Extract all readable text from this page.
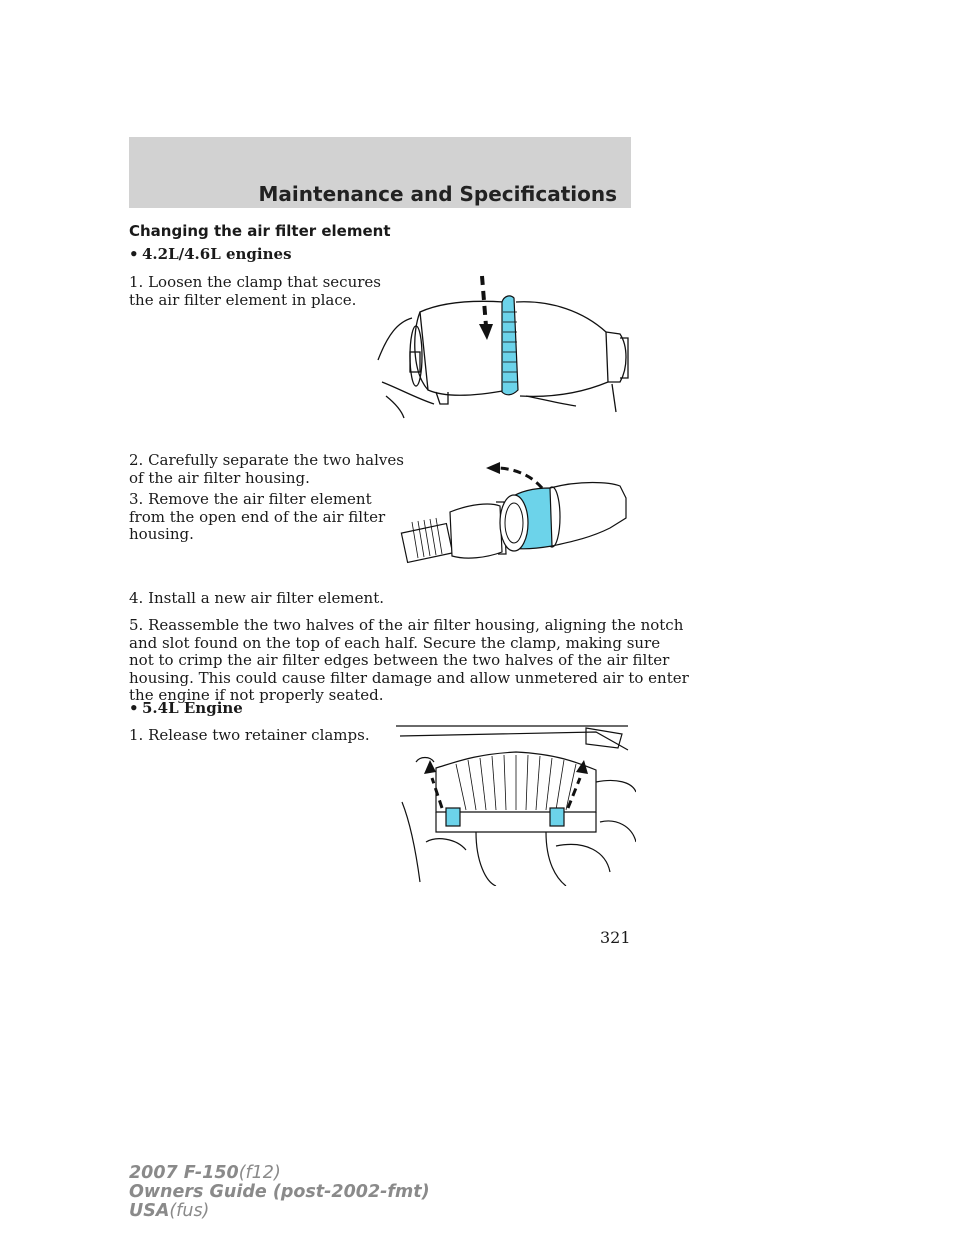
Maintenance and Specifications
Changing the air filter element
• 4.2L/4.6L engines
1. Loosen the clamp that secures
the air filter element in place.
2. Carefully separate the two halves
of the air filter housing.
3. Remove the air filter element
from the open end of the air filter
housing.
4. Install a new air filter element.
5. Reassemble the two halves of the air filter housing, aligning the notch
and slot found on the top of each half. Secure the clamp, making sure
not to crimp the air filter edges between the two halves of the air filter
housing. This could cause filter damage and allow unmetered air to enter
the engine if not properly seated.
• 5.4L Engine
1. Release two retainer clamps.
321
2007 F-150(f12)
Owners Guide (post-2002-fmt)
USA(fus)
